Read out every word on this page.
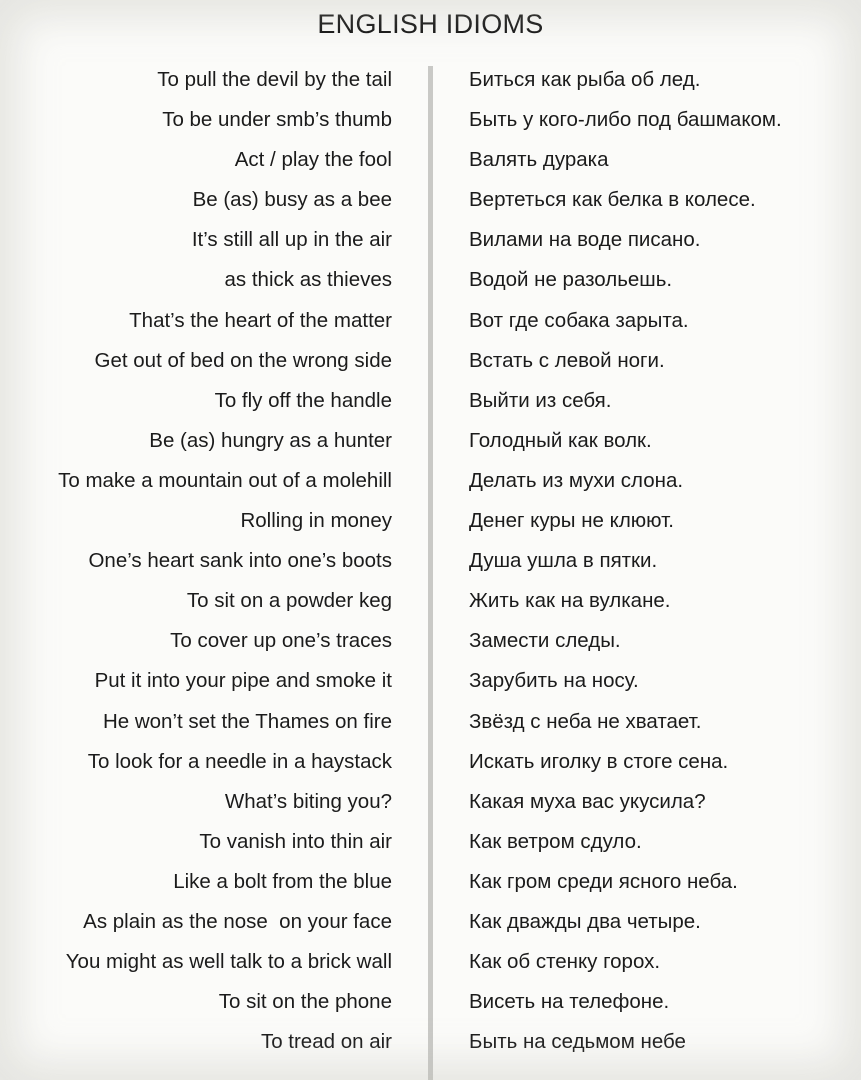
ENGLISH IDIOMS
To pull the devil by the tail
To be under smb’s thumb
Act / play the fool
Be (as) busy as a bee
It’s still all up in the air
as thick as thieves
That’s the heart of the matter
Get out of bed on the wrong side
To fly off the handle
Be (as) hungry as a hunter
To make a mountain out of a molehill
Rolling in money
One’s heart sank into one’s boots
To sit on a powder keg
To cover up one’s traces
Put it into your pipe and smoke it
He won’t set the Thames on fire
To look for a needle in a haystack
What’s biting you?
To vanish into thin air
Like a bolt from the blue
As plain as the nose  on your face
You might as well talk to a brick wall
To sit on the phone
To tread on air
Биться как рыба об лед.
Быть у кого-либо под башмаком.
Валять дурака
Вертеться как белка в колесе.
Вилами на воде писано.
Водой не разольешь.
Вот где собака зарыта.
Встать с левой ноги.
Выйти из себя.
Голодный как волк.
Делать из мухи слона.
Денег куры не клюют.
Душа ушла в пятки.
Жить как на вулкане.
Замести следы.
Зарубить на носу.
Звёзд с неба не хватает.
Искать иголку в стоге сена.
Какая муха вас укусила?
Как ветром сдуло.
Как гром среди ясного неба.
Как дважды два четыре.
Как об стенку горох.
Висеть на телефоне.
Быть на седьмом небе
